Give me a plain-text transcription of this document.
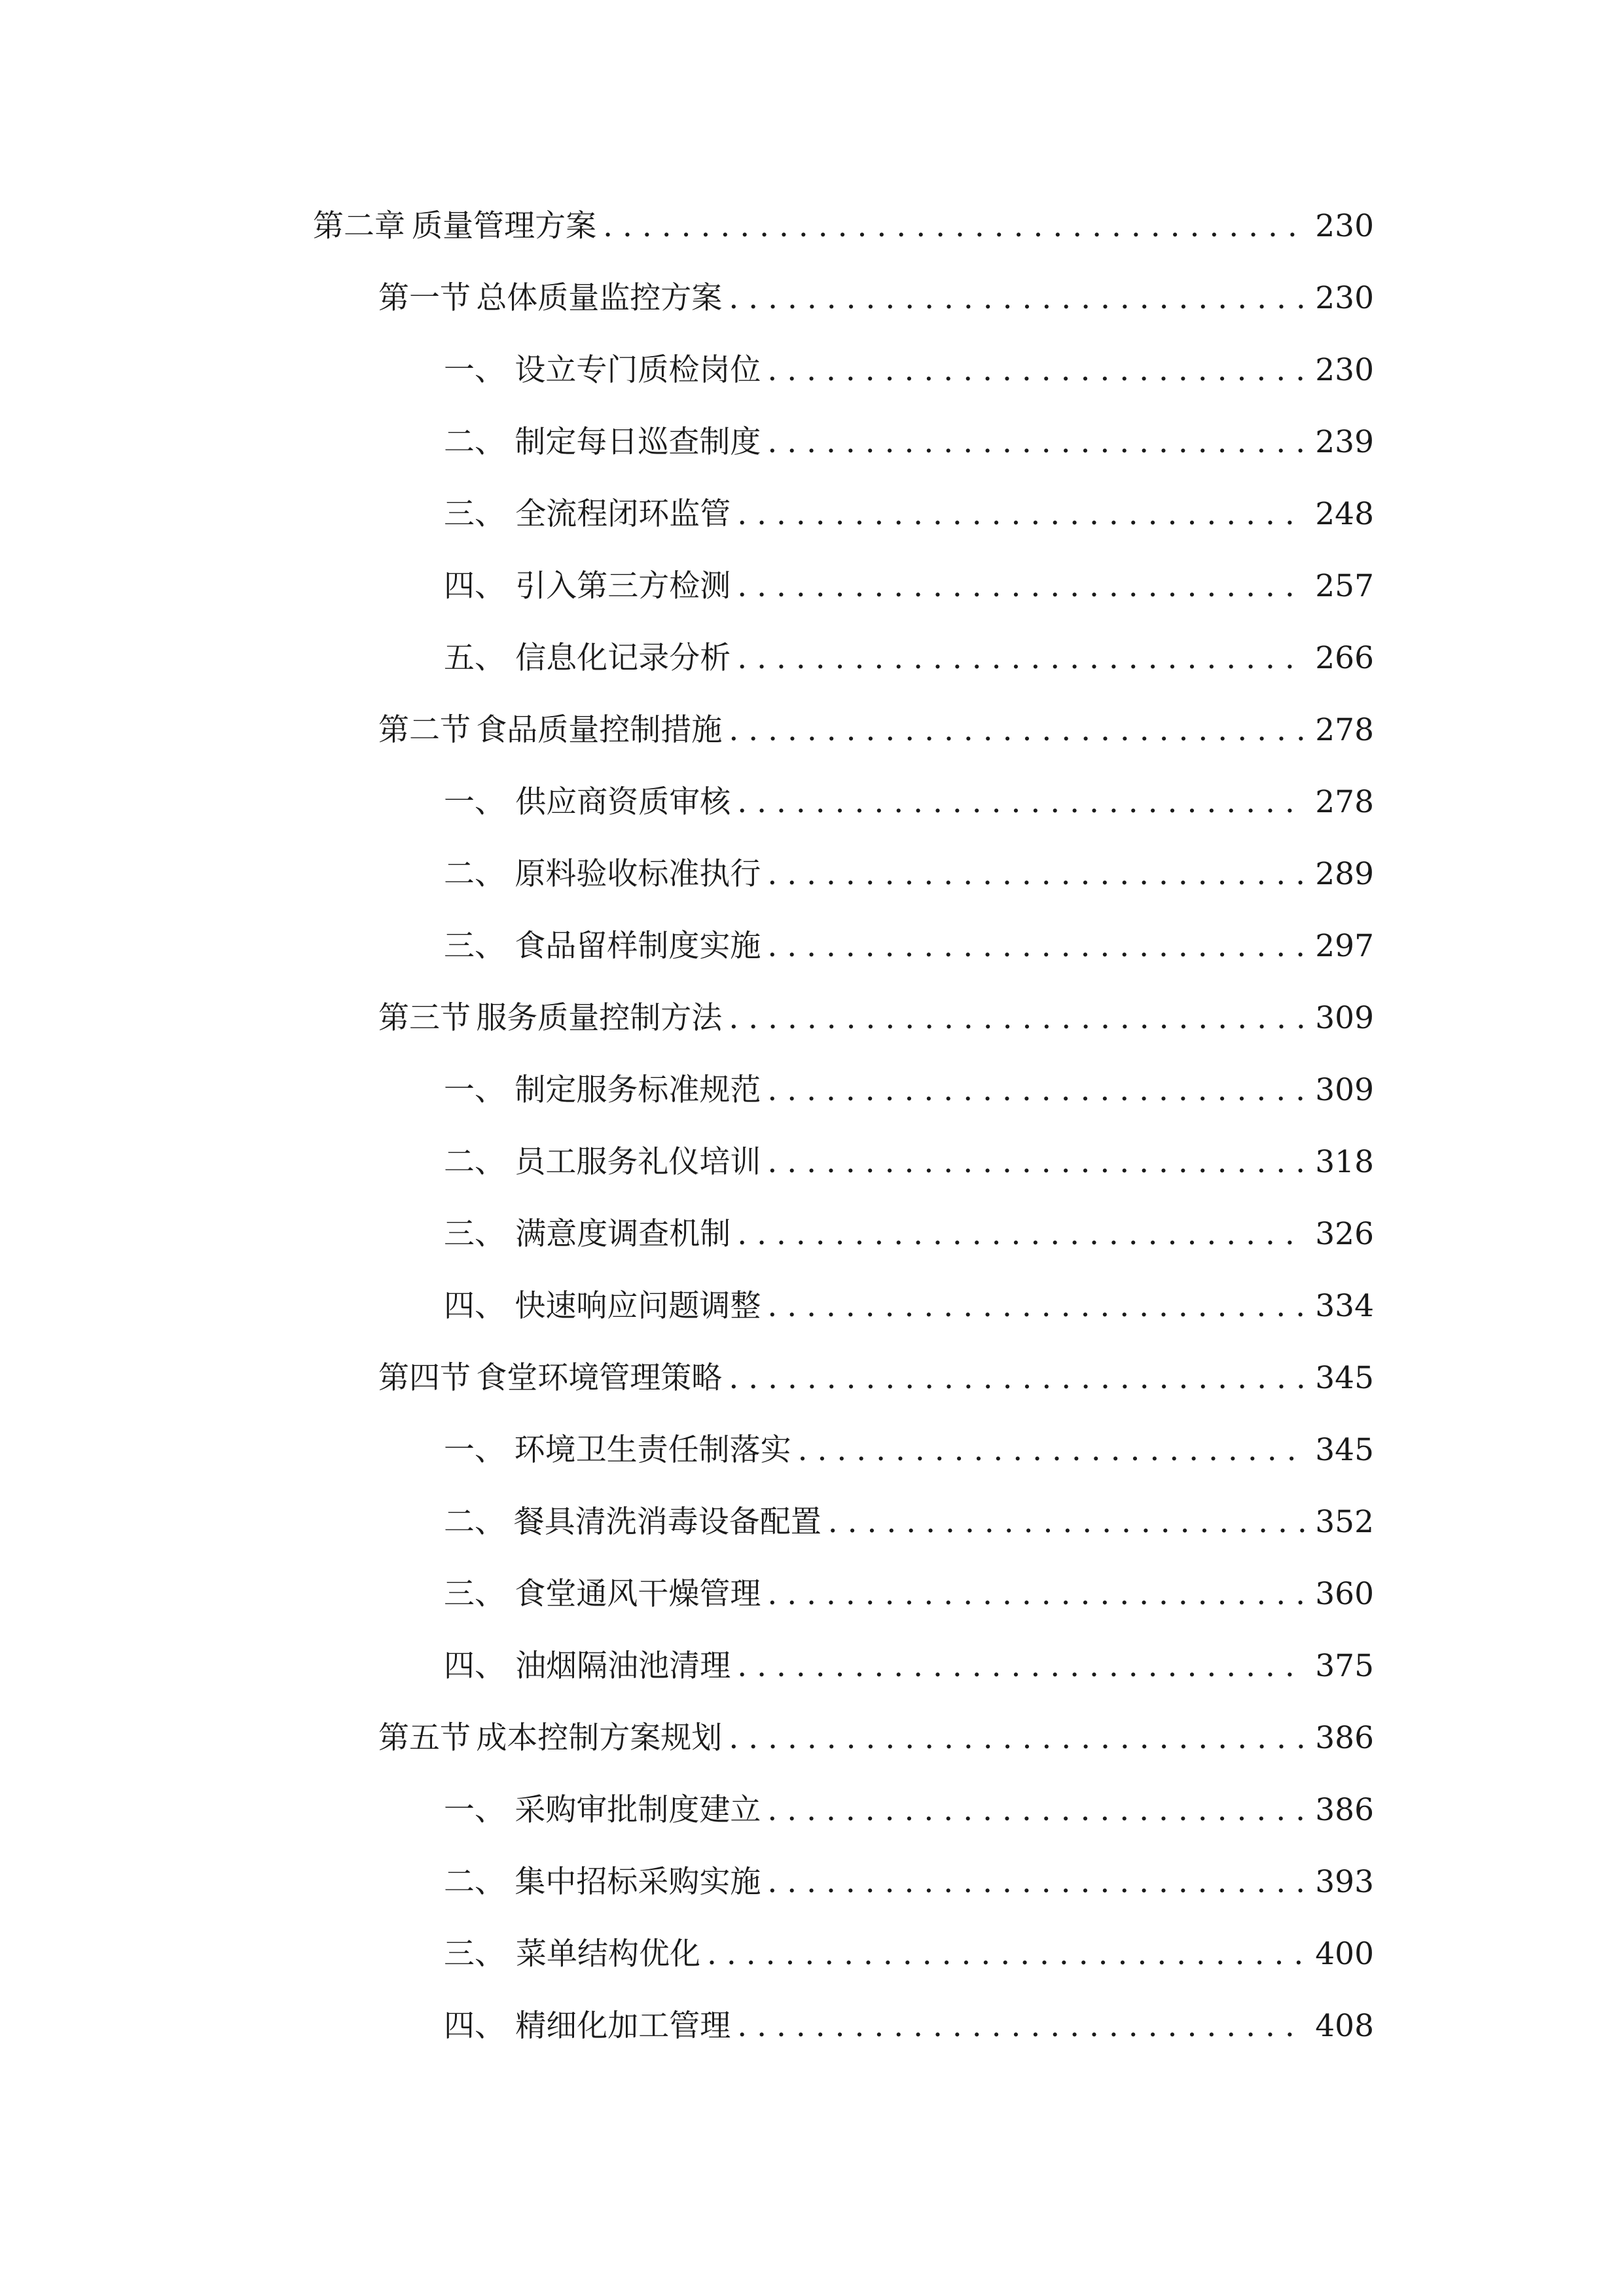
第二章 质量管理方案 . . .	230
第一节 总体质量监控方案 . . .	230
一、 设立专门质检岗位 . . .	230
二、 制定每日巡查制度 . . .	239
三、 全流程闭环监管 . . .	248
四、 引入第三方检测 . . .	257
五、 信息化记录分析 . . .	266
第二节 食品质量控制措施 . . .	278
一、 供应商资质审核 . . .	278
二、 原料验收标准执行 . . .	289
三、 食品留样制度实施 . . .	297
第三节 服务质量控制方法 . . .	309
一、 制定服务标准规范 . . .	309
二、 员工服务礼仪培训 . . .	318
三、 满意度调查机制 . . .	326
四、 快速响应问题调整 . . .	334
第四节 食堂环境管理策略 . . .	345
一、 环境卫生责任制落实 . . .	345
二、 餐具清洗消毒设备配置 . . .	352
三、 食堂通风干燥管理 . . .	360
四、 油烟隔油池清理 . . .	375
第五节 成本控制方案规划 . . .	386
一、 采购审批制度建立 . . .	386
二、 集中招标采购实施 . . .	393
三、 菜单结构优化 . . .	400
四、 精细化加工管理 . . .	408
